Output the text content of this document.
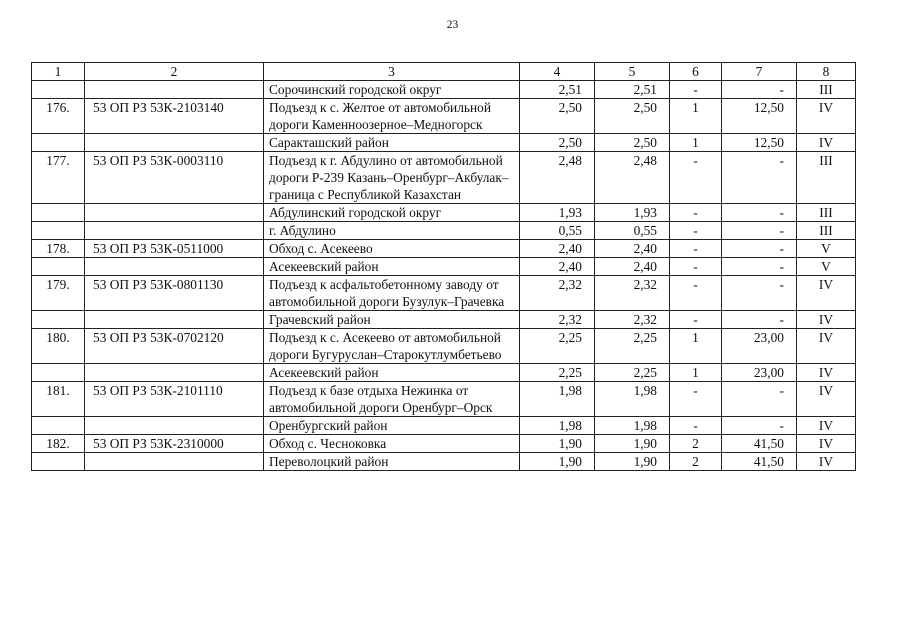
23
1	2	3	4	5	6	7	8
		Сорочинский городской округ	2,51	2,51	-	-	III
176.	53 ОП РЗ 53К-2103140	Подъезд к с. Желтое от автомобильной дороги Каменноозерное–Медногорск	2,50	2,50	1	12,50	IV
		Саракташский район	2,50	2,50	1	12,50	IV
177.	53 ОП РЗ 53К-0003110	Подъезд к г. Абдулино от автомобильной дороги Р-239 Казань–Оренбург–Акбулак–граница с Республикой Казахстан	2,48	2,48	-	-	III
		Абдулинский городской округ	1,93	1,93	-	-	III
		г. Абдулино	0,55	0,55	-	-	III
178.	53 ОП РЗ 53К-0511000	Обход с. Асекеево	2,40	2,40	-	-	V
		Асекеевский район	2,40	2,40	-	-	V
179.	53 ОП РЗ 53К-0801130	Подъезд к асфальтобетонному заводу от автомобильной дороги Бузулук–Грачевка	2,32	2,32	-	-	IV
		Грачевский район	2,32	2,32	-	-	IV
180.	53 ОП РЗ 53К-0702120	Подъезд к с. Асекеево от автомобильной дороги Бугуруслан–Старокутлумбетьево	2,25	2,25	1	23,00	IV
		Асекеевский район	2,25	2,25	1	23,00	IV
181.	53 ОП РЗ 53К-2101110	Подъезд к базе отдыха Нежинка от автомобильной дороги Оренбург–Орск	1,98	1,98	-	-	IV
		Оренбургский район	1,98	1,98	-	-	IV
182.	53 ОП РЗ 53К-2310000	Обход с. Чесноковка	1,90	1,90	2	41,50	IV
		Переволоцкий район	1,90	1,90	2	41,50	IV
